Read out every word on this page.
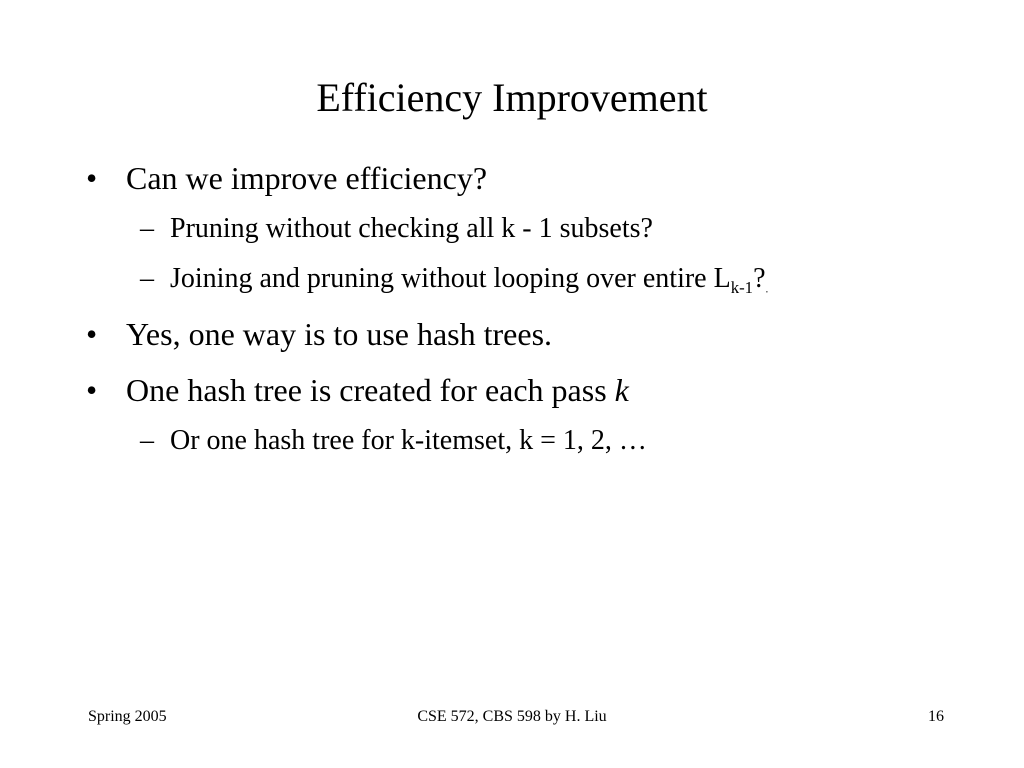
Efficiency Improvement
• Can we improve efficiency?
– Pruning without checking all k - 1 subsets?
– Joining and pruning without looping over entire $L_{k-1}$?.
• Yes, one way is to use hash trees.
• One hash tree is created for each pass k
– Or one hash tree for k-itemset, k = 1, 2, …
Spring 2005	CSE 572, CBS 598 by H. Liu	16
